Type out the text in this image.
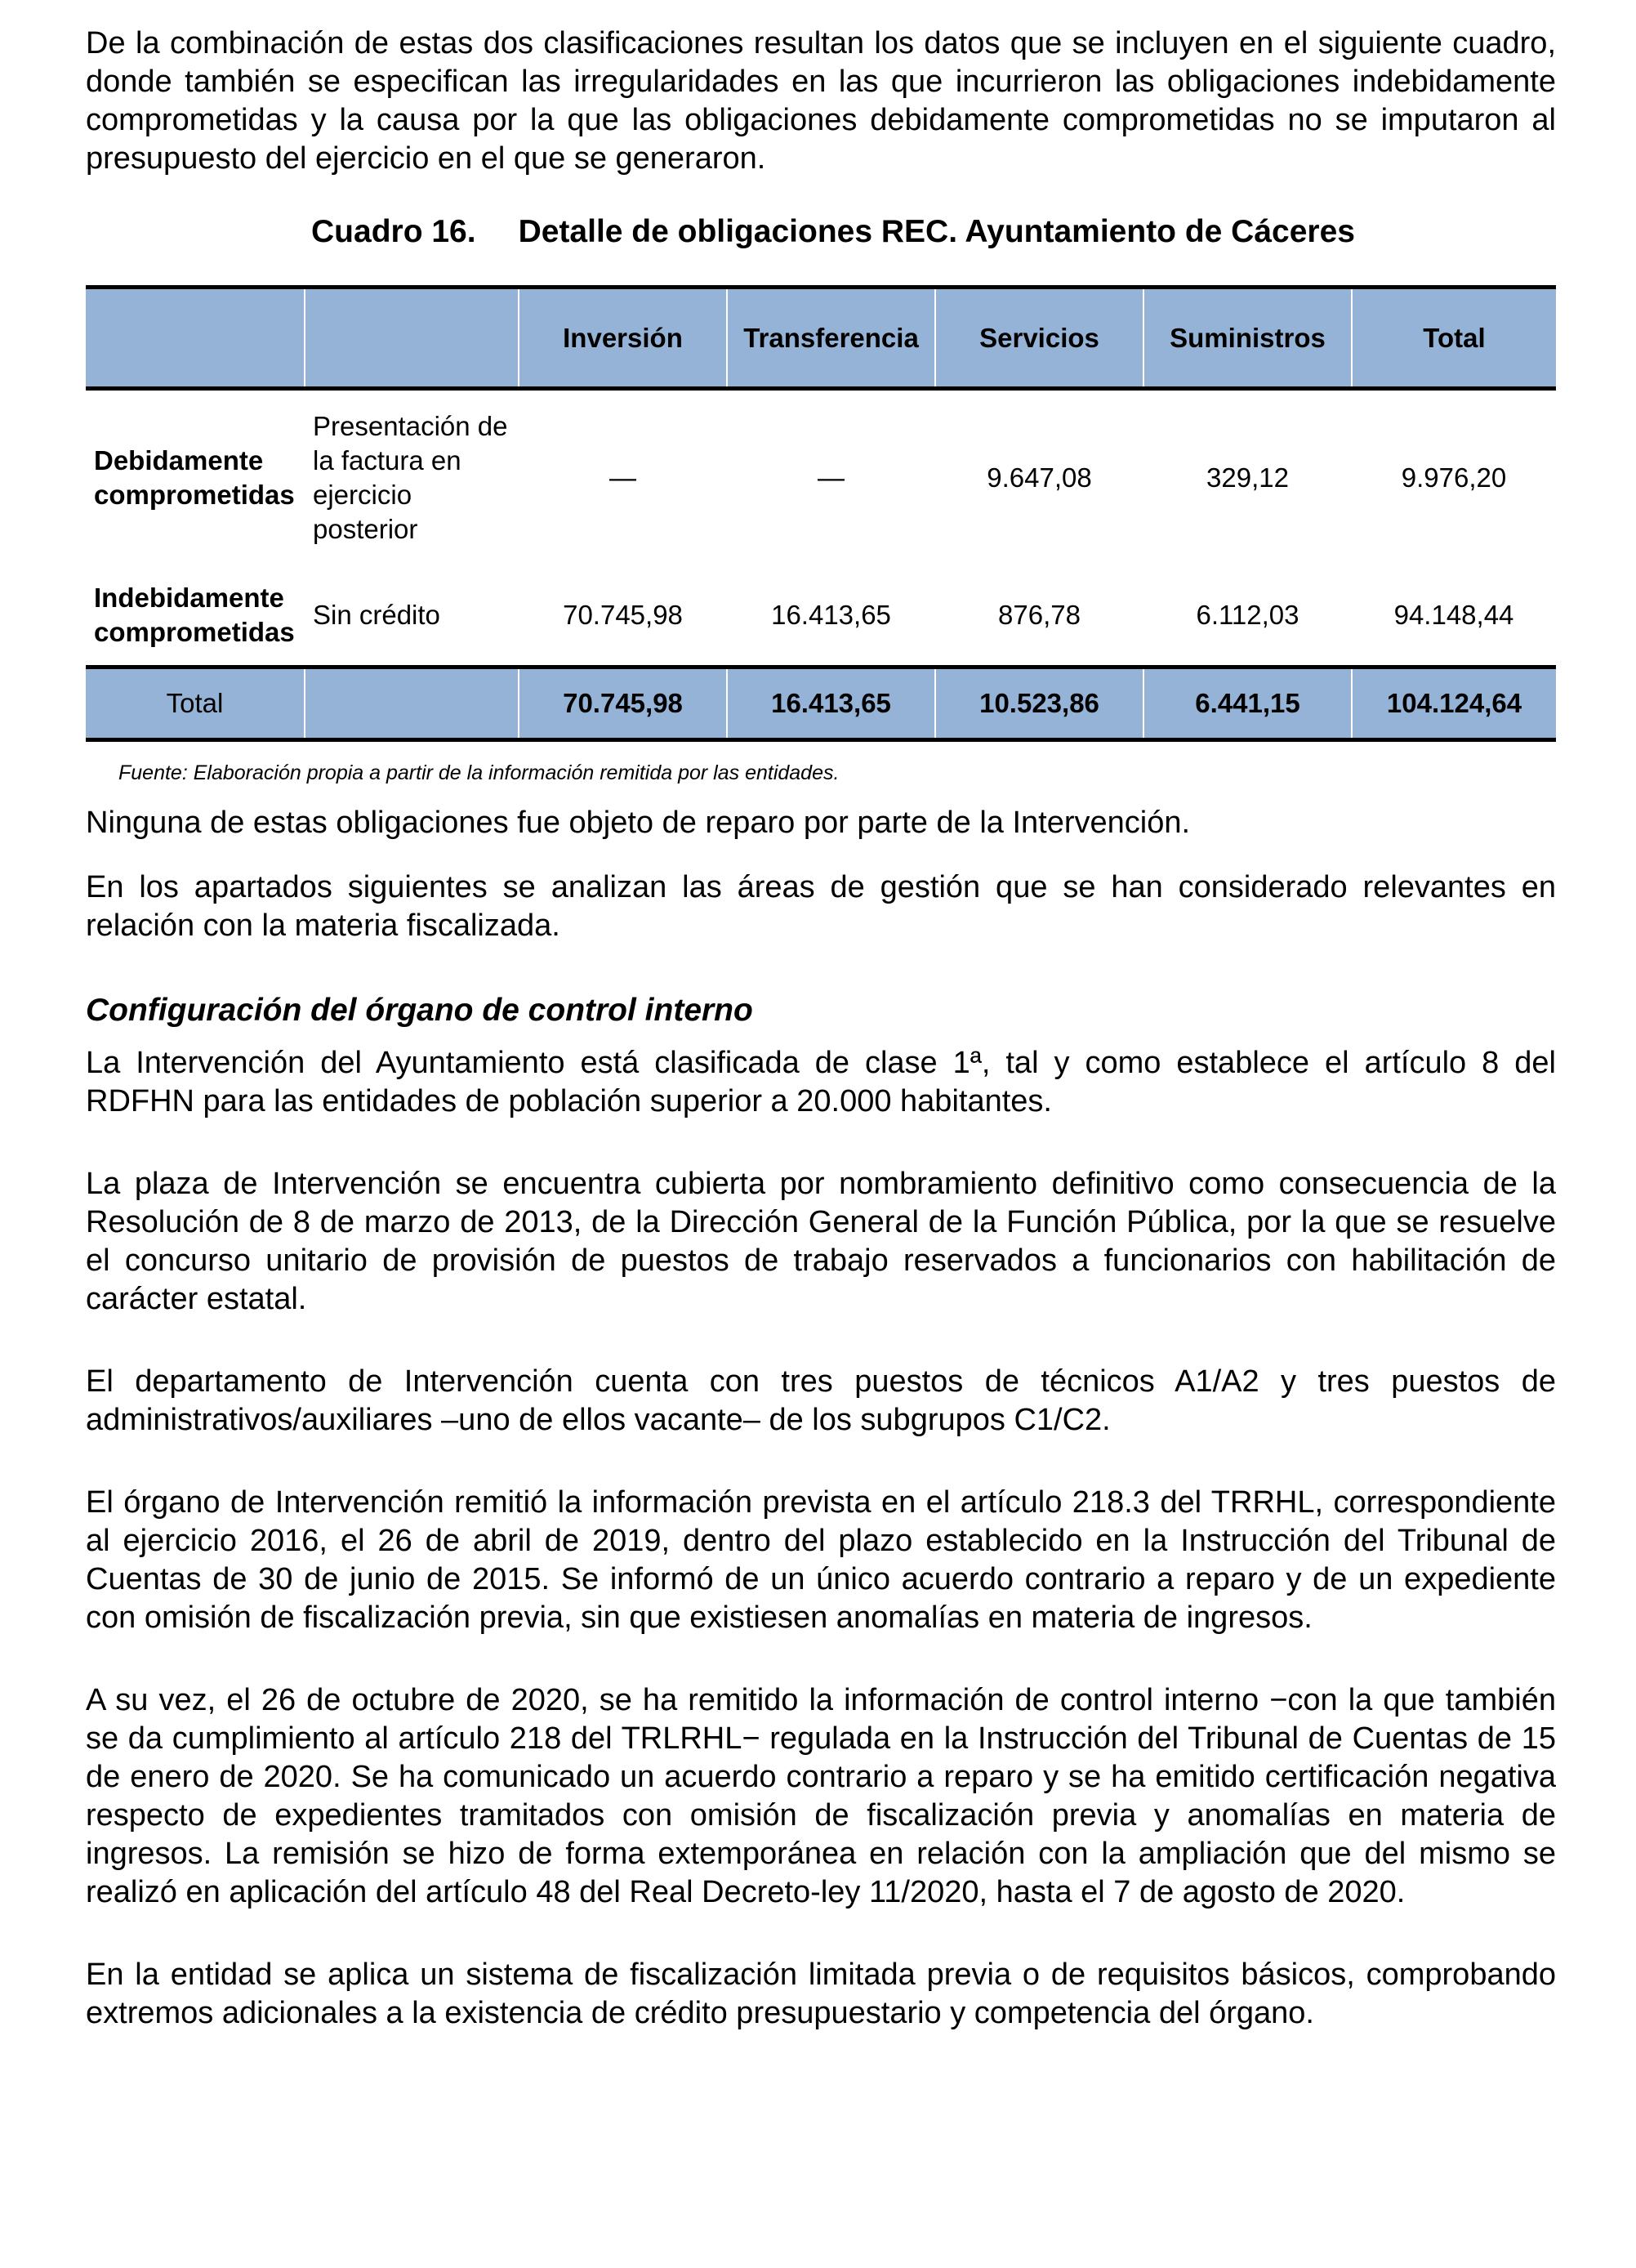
De la combinación de estas dos clasificaciones resultan los datos que se incluyen en el siguiente cuadro, donde también se especifican las irregularidades en las que incurrieron las obligaciones indebidamente comprometidas y la causa por la que las obligaciones debidamente comprometidas no se imputaron al presupuesto del ejercicio en el que se generaron.

Cuadro 16. Detalle de obligaciones REC. Ayuntamiento de Cáceres
		Inversión	Transferencia	Servicios	Suministros	Total
Debidamente comprometidas	Presentación de la factura en ejercicio posterior	—	—	9.647,08	329,12	9.976,20
Indebidamente comprometidas	Sin crédito	70.745,98	16.413,65	876,78	6.112,03	94.148,44
Total		70.745,98	16.413,65	10.523,86	6.441,15	104.124,64
Fuente: Elaboración propia a partir de la información remitida por las entidades.

Ninguna de estas obligaciones fue objeto de reparo por parte de la Intervención.

En los apartados siguientes se analizan las áreas de gestión que se han considerado relevantes en relación con la materia fiscalizada.

Configuración del órgano de control interno

La Intervención del Ayuntamiento está clasificada de clase 1ª, tal y como establece el artículo 8 del RDFHN para las entidades de población superior a 20.000 habitantes.

La plaza de Intervención se encuentra cubierta por nombramiento definitivo como consecuencia de la Resolución de 8 de marzo de 2013, de la Dirección General de la Función Pública, por la que se resuelve el concurso unitario de provisión de puestos de trabajo reservados a funcionarios con habilitación de carácter estatal.

El departamento de Intervención cuenta con tres puestos de técnicos A1/A2 y tres puestos de administrativos/auxiliares –uno de ellos vacante– de los subgrupos C1/C2.

El órgano de Intervención remitió la información prevista en el artículo 218.3 del TRRHL, correspondiente al ejercicio 2016, el 26 de abril de 2019, dentro del plazo establecido en la Instrucción del Tribunal de Cuentas de 30 de junio de 2015. Se informó de un único acuerdo contrario a reparo y de un expediente con omisión de fiscalización previa, sin que existiesen anomalías en materia de ingresos.

A su vez, el 26 de octubre de 2020, se ha remitido la información de control interno −con la que también se da cumplimiento al artículo 218 del TRLRHL− regulada en la Instrucción del Tribunal de Cuentas de 15 de enero de 2020. Se ha comunicado un acuerdo contrario a reparo y se ha emitido certificación negativa respecto de expedientes tramitados con omisión de fiscalización previa y anomalías en materia de ingresos. La remisión se hizo de forma extemporánea en relación con la ampliación que del mismo se realizó en aplicación del artículo 48 del Real Decreto-ley 11/2020, hasta el 7 de agosto de 2020.

En la entidad se aplica un sistema de fiscalización limitada previa o de requisitos básicos, comprobando extremos adicionales a la existencia de crédito presupuestario y competencia del órgano.
